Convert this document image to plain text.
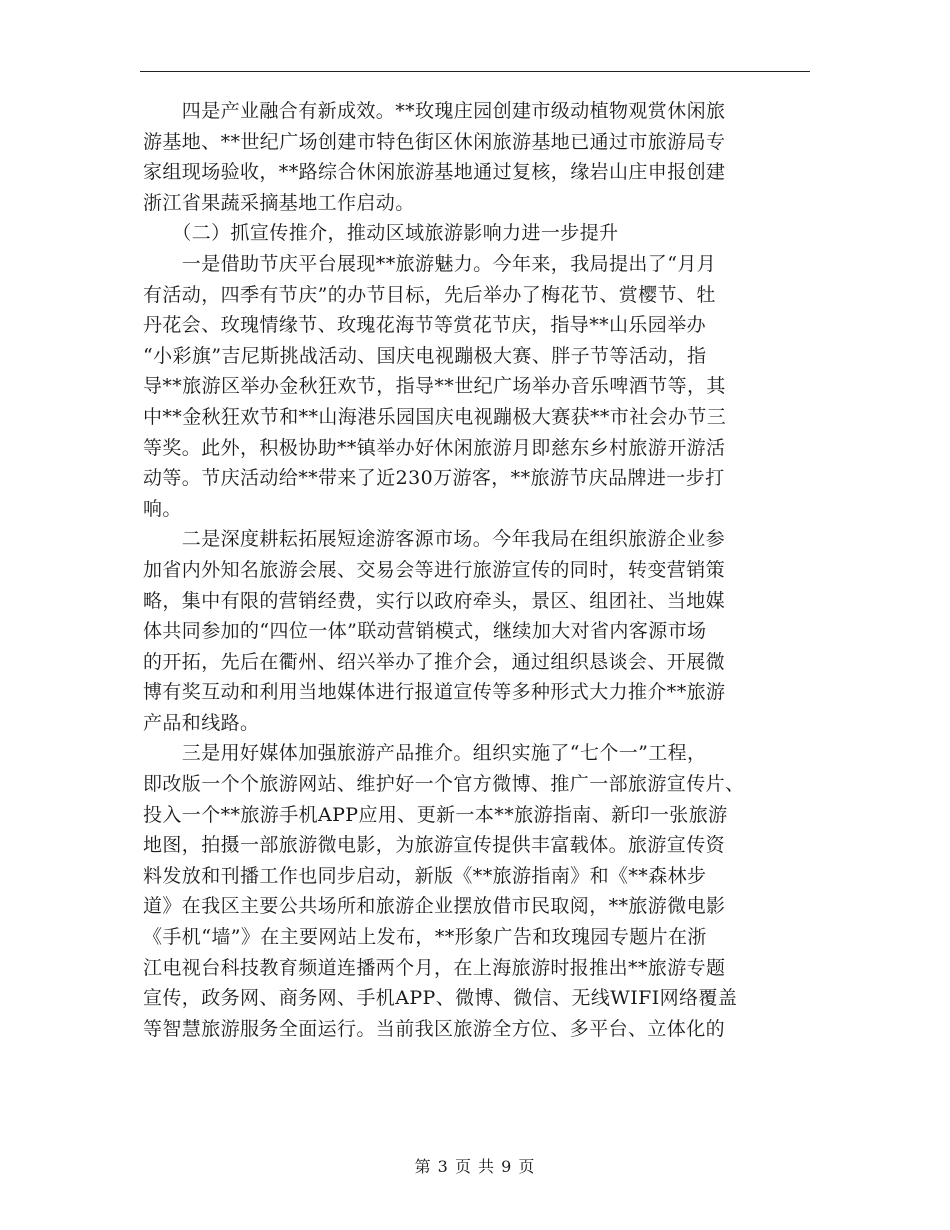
　　四是产业融合有新成效。**玫瑰庄园创建市级动植物观赏休闲旅
游基地、**世纪广场创建市特色街区休闲旅游基地已通过市旅游局专
家组现场验收，**路综合休闲旅游基地通过复核，缘岩山庄申报创建
浙江省果蔬采摘基地工作启动。
　　（二）抓宣传推介，推动区域旅游影响力进一步提升
　　一是借助节庆平台展现**旅游魅力。今年来，我局提出了“月月
有活动，四季有节庆”的办节目标，先后举办了梅花节、赏樱节、牡
丹花会、玫瑰情缘节、玫瑰花海节等赏花节庆，指导**山乐园举办
“小彩旗”吉尼斯挑战活动、国庆电视蹦极大赛、胖子节等活动，指
导**旅游区举办金秋狂欢节，指导**世纪广场举办音乐啤酒节等，其
中**金秋狂欢节和**山海港乐园国庆电视蹦极大赛获**市社会办节三
等奖。此外，积极协助**镇举办好休闲旅游月即慈东乡村旅游开游活
动等。节庆活动给**带来了近230万游客，**旅游节庆品牌进一步打
响。
　　二是深度耕耘拓展短途游客源市场。今年我局在组织旅游企业参
加省内外知名旅游会展、交易会等进行旅游宣传的同时，转变营销策
略，集中有限的营销经费，实行以政府牵头，景区、组团社、当地媒
体共同参加的“四位一体”联动营销模式，继续加大对省内客源市场
的开拓，先后在衢州、绍兴举办了推介会，通过组织恳谈会、开展微
博有奖互动和利用当地媒体进行报道宣传等多种形式大力推介**旅游
产品和线路。
　　三是用好媒体加强旅游产品推介。组织实施了“七个一”工程，
即改版一个个旅游网站、维护好一个官方微博、推广一部旅游宣传片、
投入一个**旅游手机APP应用、更新一本**旅游指南、新印一张旅游
地图，拍摄一部旅游微电影，为旅游宣传提供丰富载体。旅游宣传资
料发放和刊播工作也同步启动，新版《**旅游指南》和《**森林步
道》在我区主要公共场所和旅游企业摆放借市民取阅，**旅游微电影
《手机“墙”》在主要网站上发布，**形象广告和玫瑰园专题片在浙
江电视台科技教育频道连播两个月，在上海旅游时报推出**旅游专题
宣传，政务网、商务网、手机APP、微博、微信、无线WIFI网络覆盖
等智慧旅游服务全面运行。当前我区旅游全方位、多平台、立体化的
第 3 页 共 9 页
